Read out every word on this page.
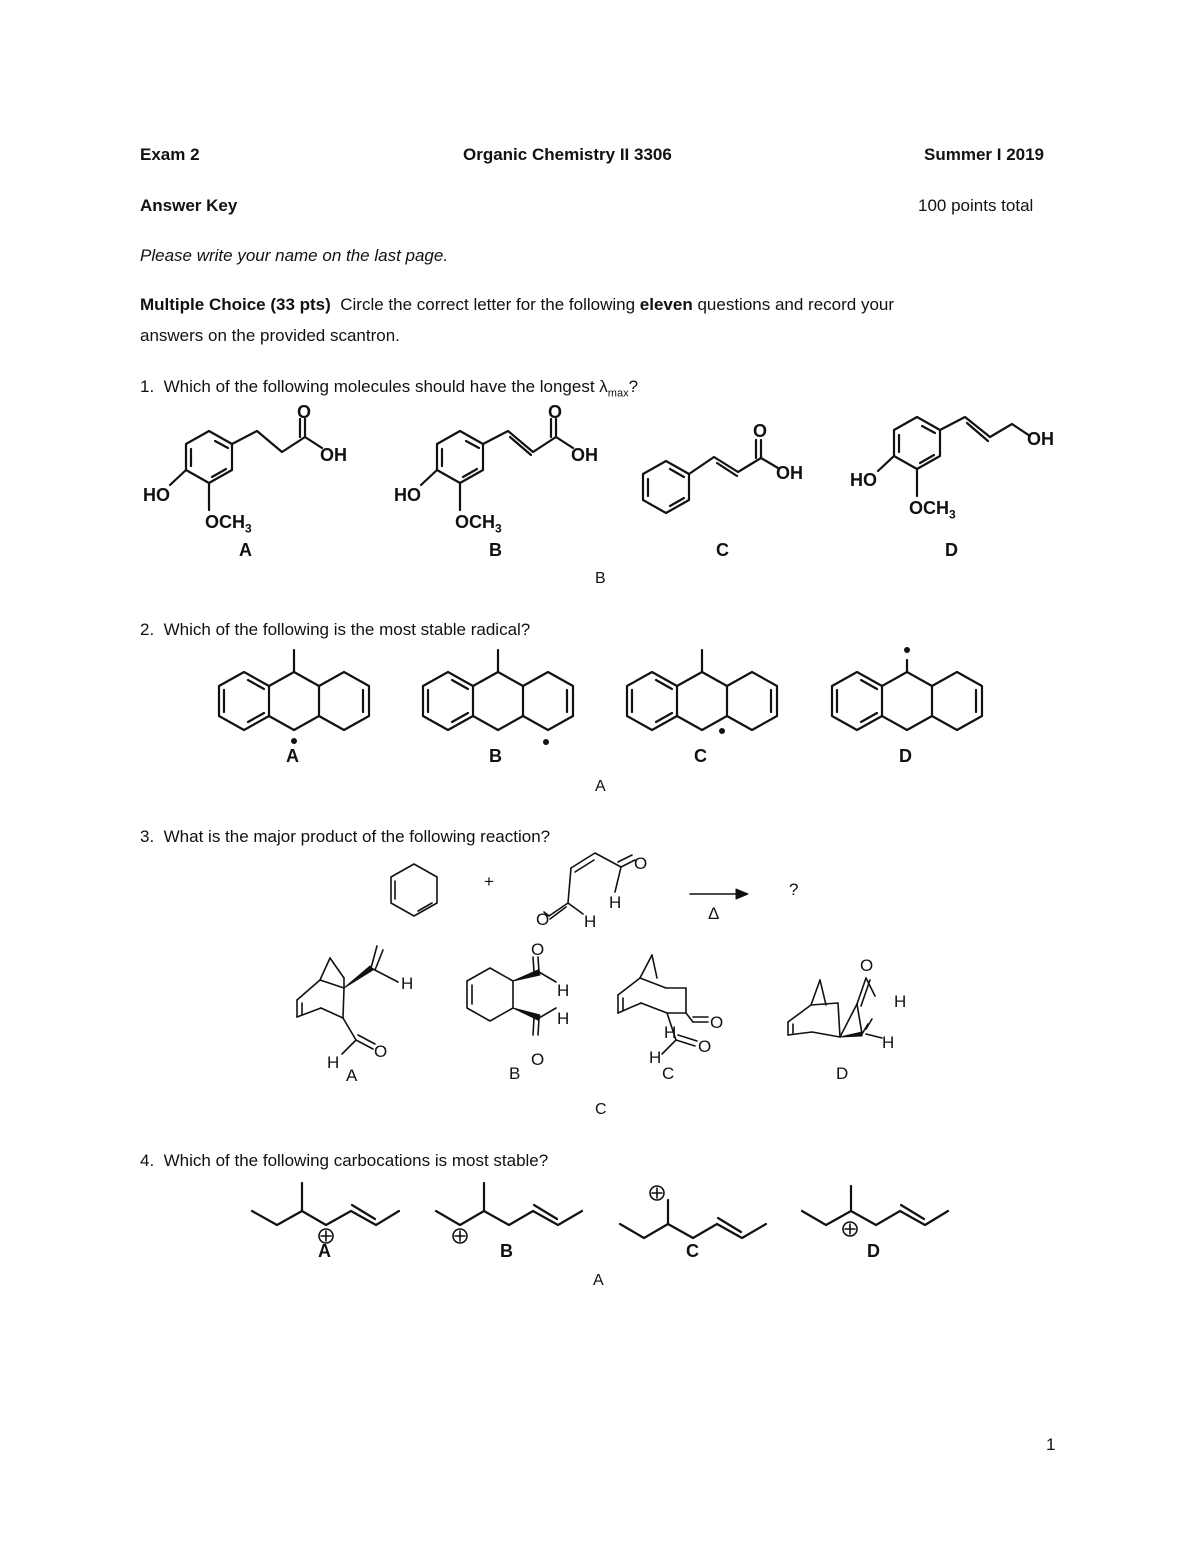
Exam 2	Organic Chemistry II 3306	Summer I 2019
Answer Key	100 points total
Please write your name on the last page.
Multiple Choice (33 pts) Circle the correct letter for the following eleven questions and record your
answers on the provided scantron.
1. Which of the following molecules should have the longest $\lambda_{max}$?
2. Which of the following is the most stable radical?
3. What is the major product of the following reaction?
4. Which of the following carbocations is most stable?
B
A
C
A
A	B	C	D
A	B	C	D
A	B	C	D
A	B	C	D
OH
O
HO
$OCH_3$
OH
O
HO
$OCH_3$
OH
O	OH
HO
$OCH_3$
+	?
Δ
O
H
O H
H
H
O
O
H
H
O
O
H
O
H
O
H
H
1
